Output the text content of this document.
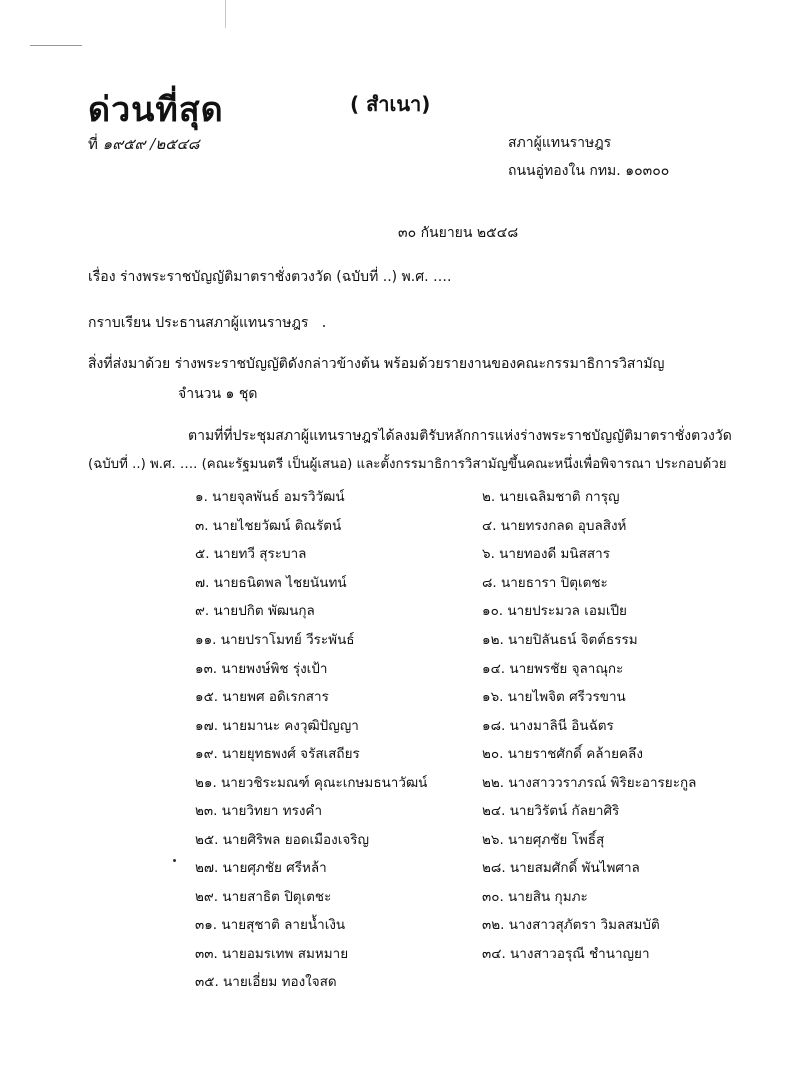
ด่วนที่สุด	( สำเนา)
ที่ ๑๙๕๙ /๒๕๔๘	สภาผู้แทนราษฎร
ถนนอู่ทองใน กทม. ๑๐๓๐๐
๓๐ กันยายน ๒๕๔๘
เรื่อง ร่างพระราชบัญญัติมาตราชั่งตวงวัด (ฉบับที่ ..) พ.ศ. ….
กราบเรียน ประธานสภาผู้แทนราษฎร
สิ่งที่ส่งมาด้วย ร่างพระราชบัญญัติดังกล่าวข้างต้น พร้อมด้วยรายงานของคณะกรรมาธิการวิสามัญ
จำนวน ๑ ชุด
ตามที่ที่ประชุมสภาผู้แทนราษฎรได้ลงมติรับหลักการแห่งร่างพระราชบัญญัติมาตราชั่งตวงวัด
(ฉบับที่ ..) พ.ศ. …. (คณะรัฐมนตรี เป็นผู้เสนอ) และตั้งกรรมาธิการวิสามัญขึ้นคณะหนึ่งเพื่อพิจารณา ประกอบด้วย
๑. นายจุลพันธ์ อมรวิวัฒน์	๒. นายเฉลิมชาติ การุญ
๓. นายไชยวัฒน์ ติณรัตน์	๔. นายทรงกลด อุบลสิงห์
๕. นายทวี สุระบาล	๖. นายทองดี มนิสสาร
๗. นายธนิตพล ไชยนันทน์	๘. นายธารา ปิตุเตชะ
๙. นายปกิต พัฒนกุล	๑๐. นายประมวล เอมเปีย
๑๑. นายปราโมทย์ วีระพันธ์	๑๒. นายปิลันธน์ จิตต์ธรรม
๑๓. นายพงษ์พิช รุ่งเป้า	๑๔. นายพรชัย จุลาณุกะ
๑๕. นายพศ อดิเรกสาร	๑๖. นายไพจิต ศรีวรขาน
๑๗. นายมานะ คงวุฒิปัญญา	๑๘. นางมาลินี อินฉัตร
๑๙. นายยุทธพงศ์ จรัสเสถียร	๒๐. นายราชศักดิ์ คล้ายคลึง
๒๑. นายวชิระมณฑ์ คุณะเกษมธนาวัฒน์	๒๒. นางสาววราภรณ์ พิริยะอารยะกูล
๒๓. นายวิทยา ทรงคำ	๒๔. นายวิรัตน์ กัลยาศิริ
๒๕. นายศิริพล ยอดเมืองเจริญ	๒๖. นายศุภชัย โพธิ์สุ
๒๗. นายศุภชัย ศรีหล้า	๒๘. นายสมศักดิ์ พันไพศาล
๒๙. นายสาธิต ปิตุเตชะ	๓๐. นายสิน กุมภะ
๓๑. นายสุชาติ ลายน้ำเงิน	๓๒. นางสาวสุภัตรา วิมลสมบัติ
๓๓. นายอมรเทพ สมหมาย	๓๔. นางสาวอรุณี ชำนาญยา
๓๕. นายเอี่ยม ทองใจสด
